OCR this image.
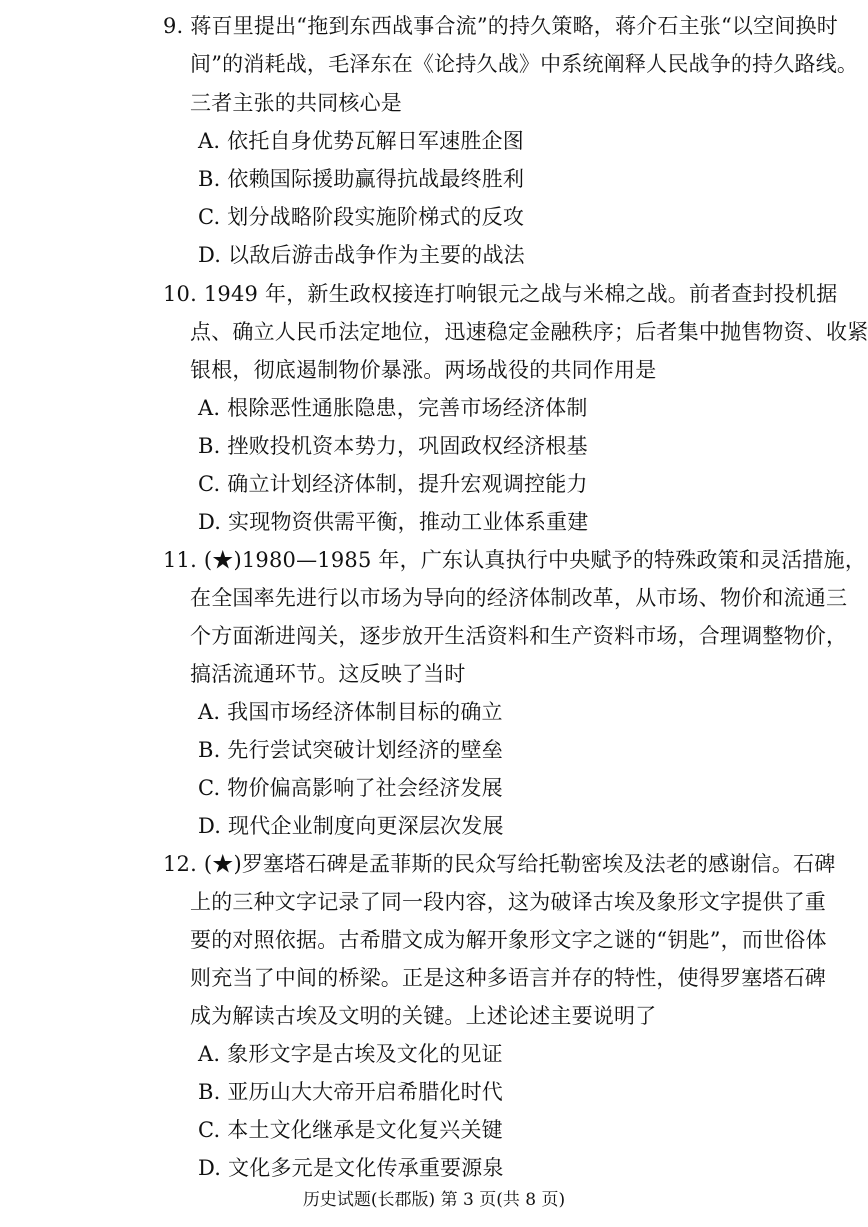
9. 蒋百里提出“拖到东西战事合流”的持久策略，蒋介石主张“以空间换时
间”的消耗战，毛泽东在《论持久战》中系统阐释人民战争的持久路线。
三者主张的共同核心是
A. 依托自身优势瓦解日军速胜企图
B. 依赖国际援助赢得抗战最终胜利
C. 划分战略阶段实施阶梯式的反攻
D. 以敌后游击战争作为主要的战法
10. 1949 年，新生政权接连打响银元之战与米棉之战。前者查封投机据
点、确立人民币法定地位，迅速稳定金融秩序；后者集中抛售物资、收紧
银根，彻底遏制物价暴涨。两场战役的共同作用是
A. 根除恶性通胀隐患，完善市场经济体制
B. 挫败投机资本势力，巩固政权经济根基
C. 确立计划经济体制，提升宏观调控能力
D. 实现物资供需平衡，推动工业体系重建
11. (★)1980—1985 年，广东认真执行中央赋予的特殊政策和灵活措施，
在全国率先进行以市场为导向的经济体制改革，从市场、物价和流通三
个方面渐进闯关，逐步放开生活资料和生产资料市场，合理调整物价，
搞活流通环节。这反映了当时
A. 我国市场经济体制目标的确立
B. 先行尝试突破计划经济的壁垒
C. 物价偏高影响了社会经济发展
D. 现代企业制度向更深层次发展
12. (★)罗塞塔石碑是孟菲斯的民众写给托勒密埃及法老的感谢信。石碑
上的三种文字记录了同一段内容，这为破译古埃及象形文字提供了重
要的对照依据。古希腊文成为解开象形文字之谜的“钥匙”，而世俗体
则充当了中间的桥梁。正是这种多语言并存的特性，使得罗塞塔石碑
成为解读古埃及文明的关键。上述论述主要说明了
A. 象形文字是古埃及文化的见证
B. 亚历山大大帝开启希腊化时代
C. 本土文化继承是文化复兴关键
D. 文化多元是文化传承重要源泉
历史试题(长郡版) 第 3 页(共 8 页)
